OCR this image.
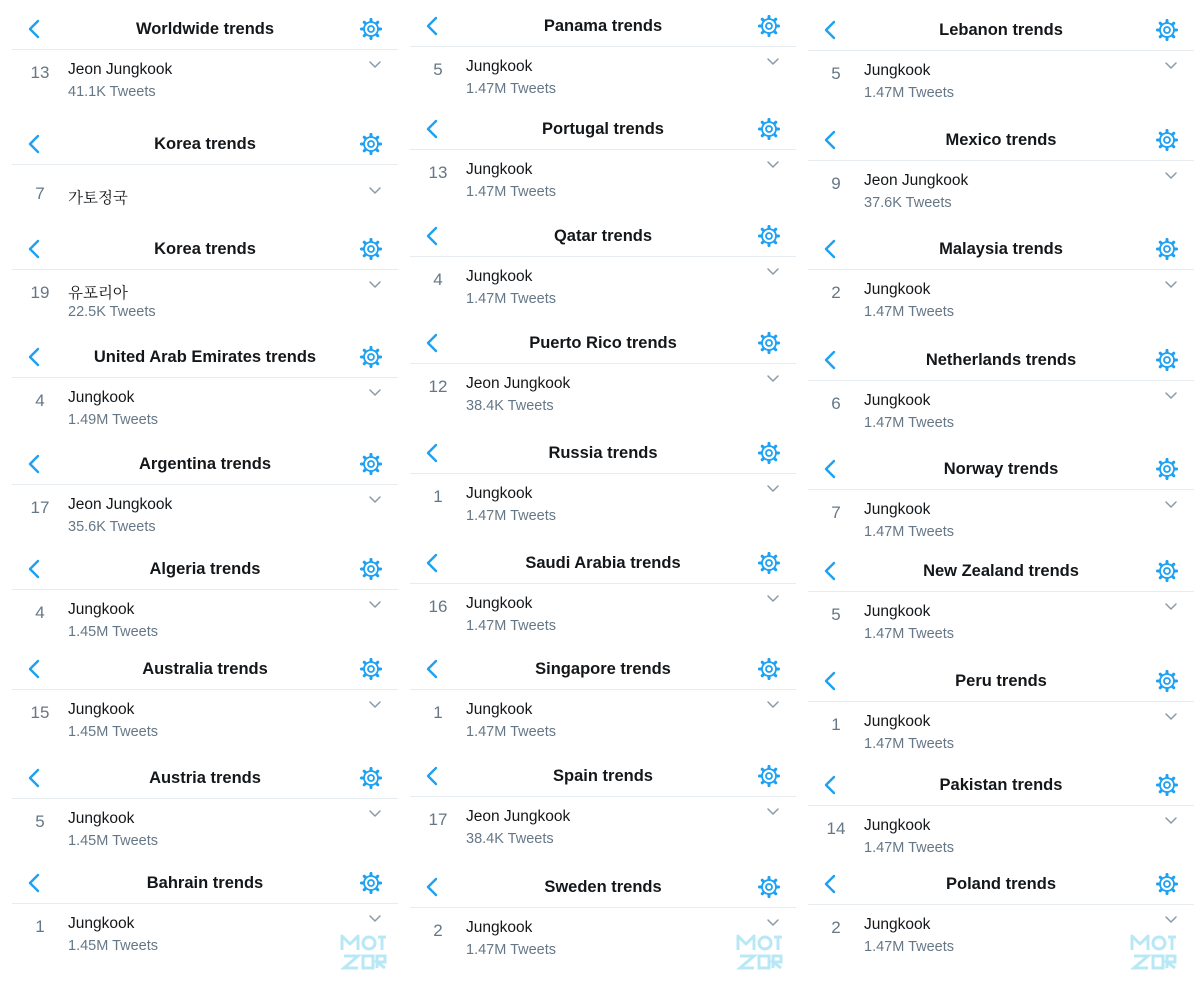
Worldwide trends
13 Jeon Jungkook
41.1K Tweets
Korea trends
7	가토정국
Korea trends
19 유포리아
22.5K Tweets
United Arab Emirates trends
4	Jungkook
1.49M Tweets
Argentina trends
17 Jeon Jungkook
35.6K Tweets
Algeria trends
4	Jungkook
1.45M Tweets
Australia trends
15 Jungkook
1.45M Tweets
Austria trends
5	Jungkook
1.45M Tweets
Bahrain trends
1	Jungkook
1.45M Tweets
Panama trends
5	Jungkook
1.47M Tweets
Portugal trends
13 Jungkook
1.47M Tweets
Qatar trends
4	Jungkook
1.47M Tweets
Puerto Rico trends
12 Jeon Jungkook
38.4K Tweets
Russia trends
1	Jungkook
1.47M Tweets
Saudi Arabia trends
16 Jungkook
1.47M Tweets
Singapore trends
1	Jungkook
1.47M Tweets
Spain trends
17 Jeon Jungkook
38.4K Tweets
Sweden trends
2	Jungkook
1.47M Tweets
Lebanon trends
5	Jungkook
1.47M Tweets
Mexico trends
9	Jeon Jungkook
37.6K Tweets
Malaysia trends
2	Jungkook
1.47M Tweets
Netherlands trends
6	Jungkook
1.47M Tweets
Norway trends
7	Jungkook
1.47M Tweets
New Zealand trends
5	Jungkook
1.47M Tweets
Peru trends
1	Jungkook
1.47M Tweets
Pakistan trends
14 Jungkook
1.47M Tweets
Poland trends
2	Jungkook
1.47M Tweets
